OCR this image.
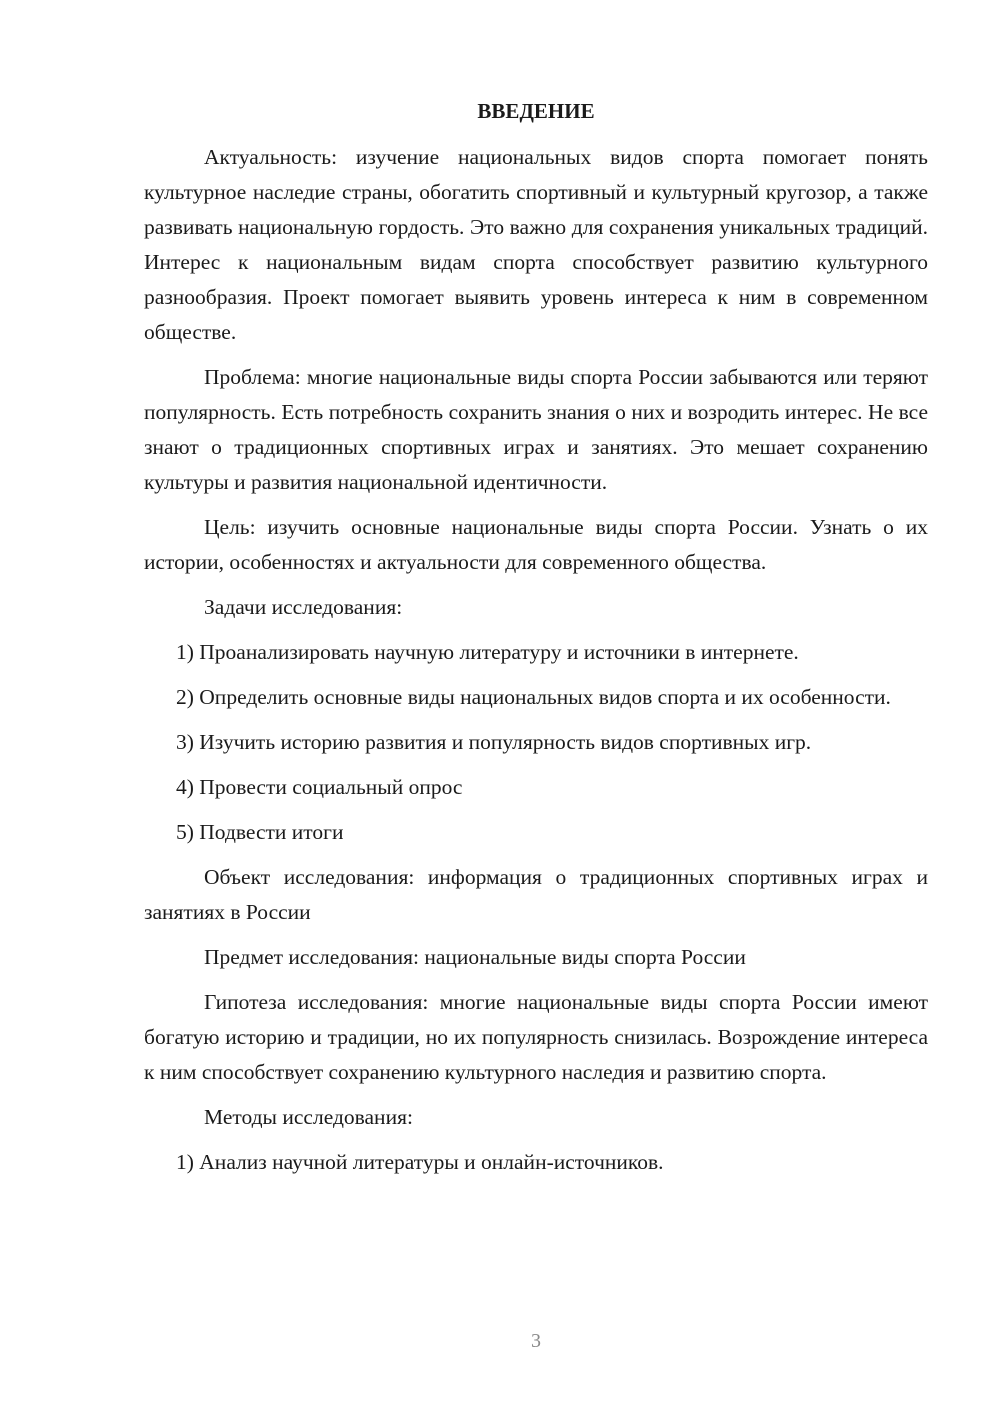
ВВЕДЕНИЕ

Актуальность: изучение национальных видов спорта помогает понять культурное наследие страны, обогатить спортивный и культурный кругозор, а также развивать национальную гордость. Это важно для сохранения уникальных традиций. Интерес к национальным видам спорта способствует развитию культурного разнообразия. Проект помогает выявить уровень интереса к ним в современном обществе.

Проблема: многие национальные виды спорта России забываются или теряют популярность. Есть потребность сохранить знания о них и возродить интерес. Не все знают о традиционных спортивных играх и занятиях. Это мешает сохранению культуры и развития национальной идентичности.

Цель: изучить основные национальные виды спорта России. Узнать о их истории, особенностях и актуальности для современного общества.

Задачи исследования:

1) Проанализировать научную литературу и источники в интернете.

2) Определить основные виды национальных видов спорта и их особенности.

3) Изучить историю развития и популярность видов спортивных игр.

4) Провести социальный опрос

5) Подвести итоги

Объект исследования: информация о традиционных спортивных играх и занятиях в России

Предмет исследования: национальные виды спорта России

Гипотеза исследования: многие национальные виды спорта России имеют богатую историю и традиции, но их популярность снизилась. Возрождение интереса к ним способствует сохранению культурного наследия и развитию спорта.

Методы исследования:

1) Анализ научной литературы и онлайн-источников.

3
